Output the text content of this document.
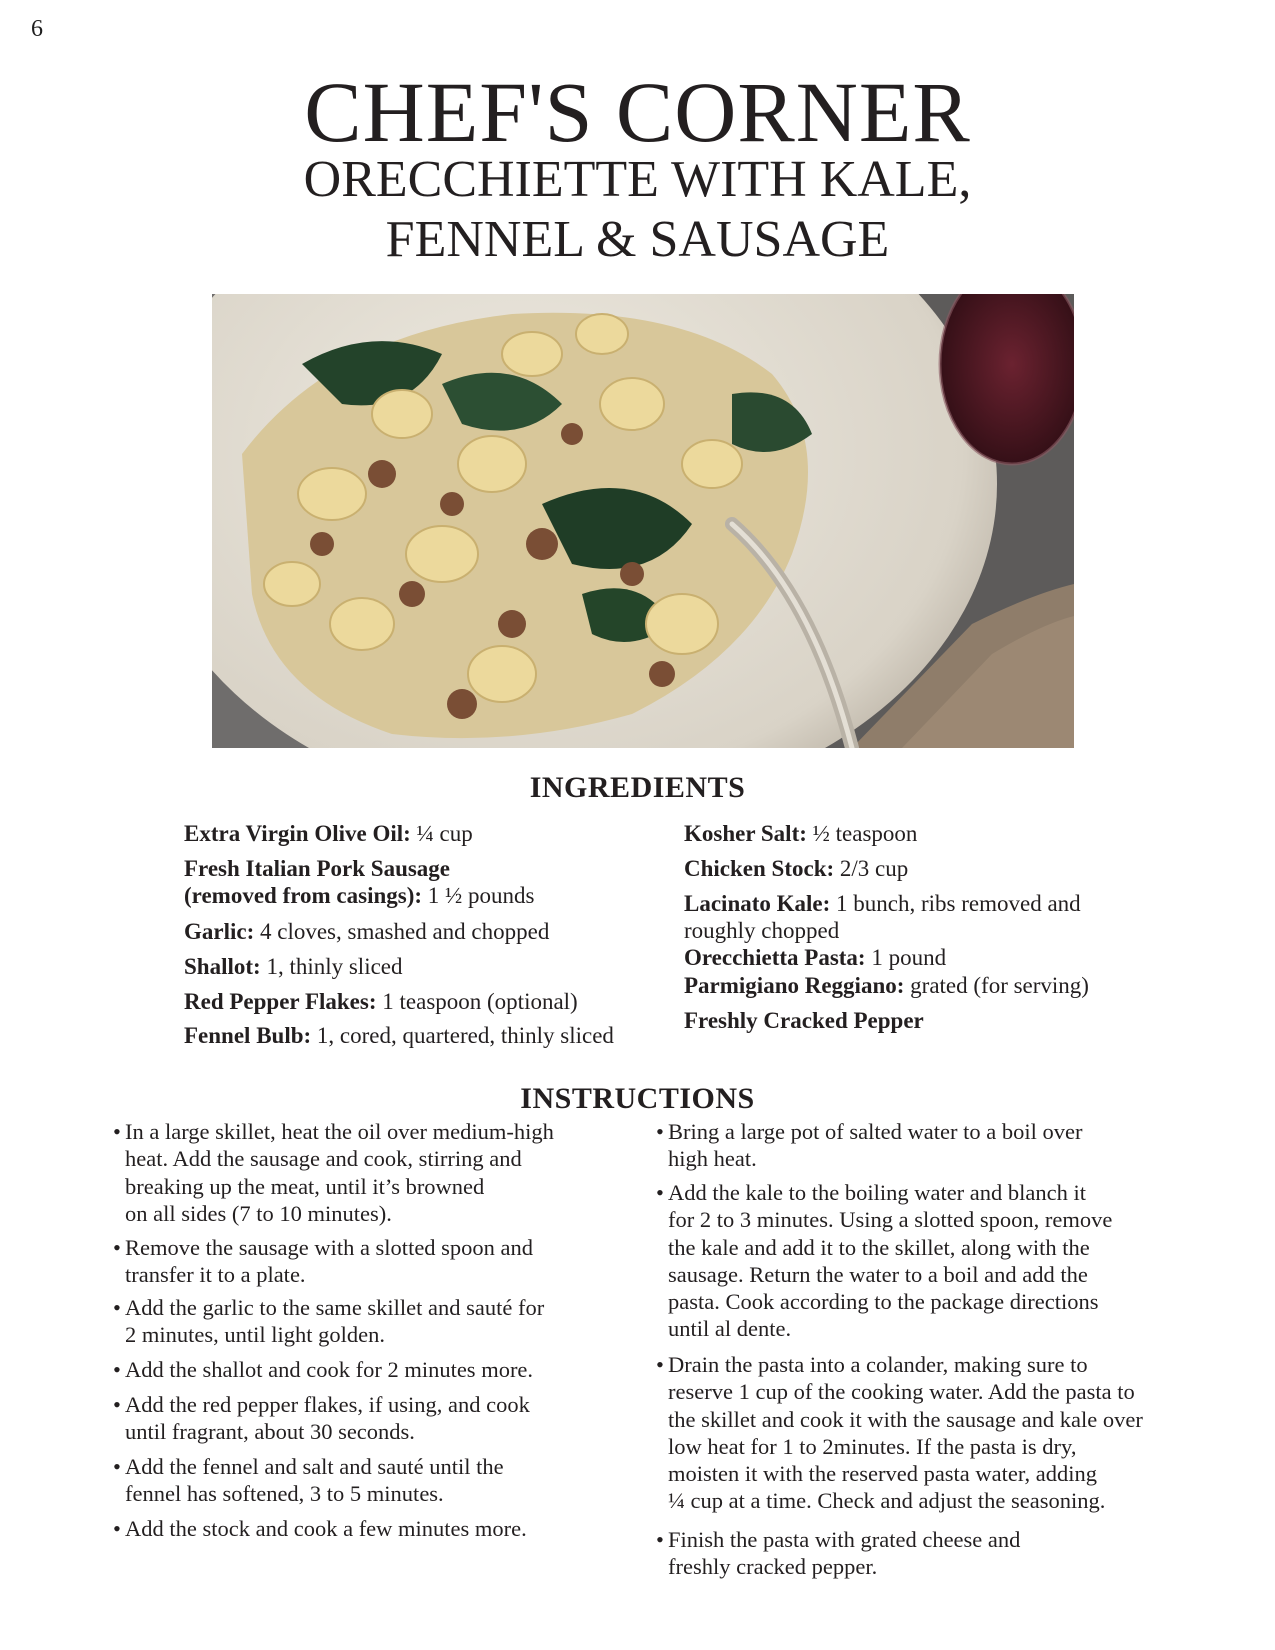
6
CHEF'S CORNER
ORECCHIETTE WITH KALE,
FENNEL & SAUSAGE
INGREDIENTS
Extra Virgin Olive Oil: ¼ cup
Fresh Italian Pork Sausage
(removed from casings): 1 ½ pounds
Garlic: 4 cloves, smashed and chopped
Shallot: 1, thinly sliced
Red Pepper Flakes: 1 teaspoon (optional)
Fennel Bulb: 1, cored, quartered, thinly sliced
Kosher Salt: ½ teaspoon
Chicken Stock: 2/3 cup
Lacinato Kale: 1 bunch, ribs removed and
roughly chopped
Orecchietta Pasta: 1 pound
Parmigiano Reggiano: grated (for serving)
Freshly Cracked Pepper
INSTRUCTIONS
• In a large skillet, heat the oil over medium-high
heat. Add the sausage and cook, stirring and
breaking up the meat, until it’s browned
on all sides (7 to 10 minutes).
• Remove the sausage with a slotted spoon and
transfer it to a plate.
• Add the garlic to the same skillet and sauté for
2 minutes, until light golden.
• Add the shallot and cook for 2 minutes more.
• Add the red pepper flakes, if using, and cook
until fragrant, about 30 seconds.
• Add the fennel and salt and sauté until the
fennel has softened, 3 to 5 minutes.
• Add the stock and cook a few minutes more.
• Bring a large pot of salted water to a boil over
high heat.
• Add the kale to the boiling water and blanch it
for 2 to 3 minutes. Using a slotted spoon, remove
the kale and add it to the skillet, along with the
sausage. Return the water to a boil and add the
pasta. Cook according to the package directions
until al dente.
• Drain the pasta into a colander, making sure to
reserve 1 cup of the cooking water. Add the pasta to
the skillet and cook it with the sausage and kale over
low heat for 1 to 2minutes. If the pasta is dry,
moisten it with the reserved pasta water, adding
¼ cup at a time. Check and adjust the seasoning.
• Finish the pasta with grated cheese and
freshly cracked pepper.
